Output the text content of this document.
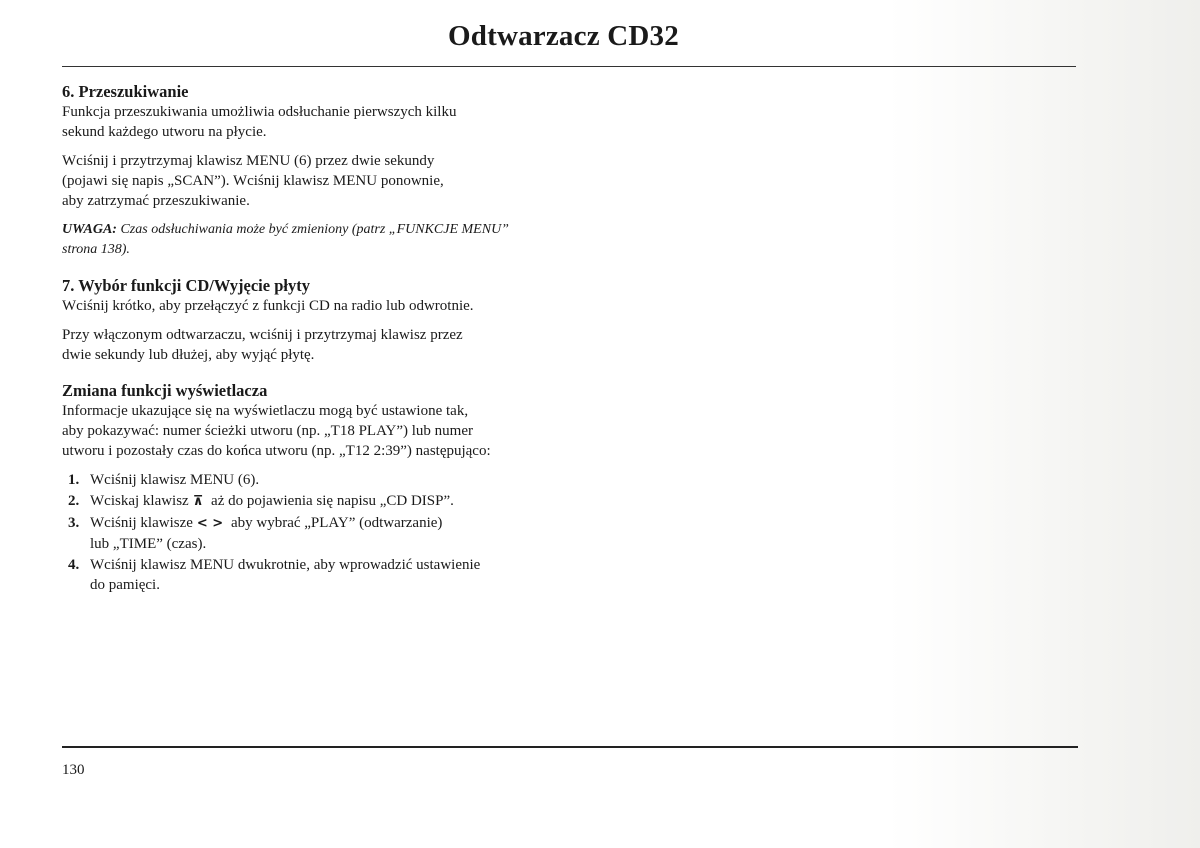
Odtwarzacz CD32
6. Przeszukiwanie

Funkcja przeszukiwania umożliwia odsłuchanie pierwszych kilku
sekund każdego utworu na płycie.

Wciśnij i przytrzymaj klawisz MENU (6) przez dwie sekundy
(pojawi się napis „SCAN”). Wciśnij klawisz MENU ponownie,
aby zatrzymać przeszukiwanie.

UWAGA: Czas odsłuchiwania może być zmieniony (patrz „FUNKCJE MENU”
strona 138).

7. Wybór funkcji CD/Wyjęcie płyty

Wciśnij krótko, aby przełączyć z funkcji CD na radio lub odwrotnie.

Przy włączonym odtwarzaczu, wciśnij i przytrzymaj klawisz przez
dwie sekundy lub dłużej, aby wyjąć płytę.

Zmiana funkcji wyświetlacza

Informacje ukazujące się na wyświetlaczu mogą być ustawione tak,
aby pokazywać: numer ścieżki utworu (np. „T18 PLAY”) lub numer
utworu i pozostały czas do końca utworu (np. „T12 2:39”) następująco:

1. Wciśnij klawisz MENU (6).
2. Wciskaj klawisz ⊼ aż do pojawienia się napisu „CD DISP”.
3. Wciśnij klawisze < > aby wybrać „PLAY” (odtwarzanie)
lub „TIME” (czas).
4. Wciśnij klawisz MENU dwukrotnie, aby wprowadzić ustawienie
do pamięci.
130
